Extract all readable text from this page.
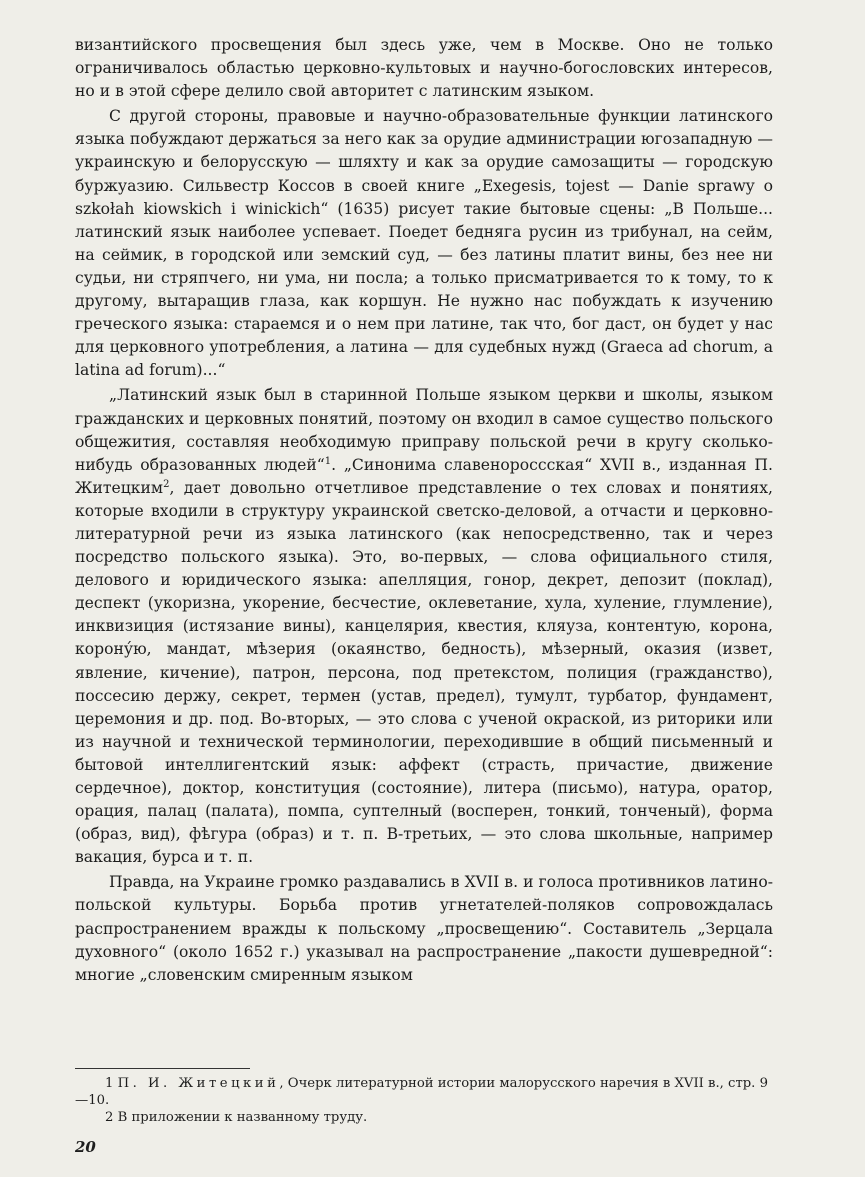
византийского просвещения был здесь уже, чем в Москве. Оно не только ограничивалось областью церковно-культовых и научно-богословских интересов, но и в этой сфере делило свой авторитет с латинским языком.

С другой стороны, правовые и научно-образовательные функции латинского языка побуждают держаться за него как за орудие администрации югозападную — украинскую и белорусскую — шляхту и как за орудие самозащиты — городскую буржуазию. Сильвестр Коссов в своей книге „Exegesis, tojest — Danie sprawy o szkołah kiowskich i winickich“ (1635) рисует такие бытовые сцены: „В Польше... латинский язык наиболее успевает. Поедет бедняга русин из трибунал, на сейм, на сеймик, в городской или земский суд, — без латины платит вины, без нее ни судьи, ни стряпчего, ни ума, ни посла; а только присматривается то к тому, то к другому, вытаращив глаза, как коршун. Не нужно нас побуждать к изучению греческого языка: стараемся и о нем при латине, так что, бог даст, он будет у нас для церковного употребления, а латина — для судебных нужд (Graeca ad chorum, a latina ad forum)...“

„Латинский язык был в старинной Польше языком церкви и школы, языком гражданских и церковных понятий, поэтому он входил в самое существо польского общежития, составляя необходимую приправу польской речи в кругу сколько-нибудь образованных людей“$^1$. „Синонима славенороссская“ XVII в., изданная П. Житецким$^2$, дает довольно отчетливое представление о тех словах и понятиях, которые входили в структуру украинской светско-деловой, а отчасти и церковно-литературной речи из языка латинского (как непосредственно, так и через посредство польского языка). Это, во-первых, — слова официального стиля, делового и юридического языка: апелляция, гонор, декрет, депозит (поклад), деспект (укоризна, укорение, бесчестие, оклеветание, хула, хуление, глумление), инквизиция (истязание вины), канцелярия, квестия, кляуза, контентую, корона, корону́ю, мандат, мѣзерия (окаянство, бедность), мѣзерный, оказия (извет, явление, кичение), патрон, персона, под претекстом, полиция (гражданство), поссесию держу, секрет, термен (устав, предел), тумулт, турбатор, фундамент, церемония и др. под. Во-вторых, — это слова с ученой окраской, из риторики или из научной и технической терминологии, переходившие в общий письменный и бытовой интеллигентский язык: аффект (страсть, причастие, движение сердечное), доктор, конституция (состояние), литера (письмо), натура, оратор, орация, палац (палата), помпа, суптелный (восперен, тонкий, тонченый), форма (образ, вид), фѣгура (образ) и т. п. В-третьих, — это слова школьные, например вакация, бурса и т. п.

Правда, на Украине громко раздавались в XVII в. и голоса противников латино-польской культуры. Борьба против угнетателей-поляков сопровождалась распространением вражды к польскому „просвещению“. Составитель „Зерцала духовного“ (около 1652 г.) указывал на распространение „пакости душевредной“: многие „словенским смиренным языком

1 П. И. Житецкий, Очерк литературной истории малорусского наречия в XVII в., стр. 9—10.

2 В приложении к названному труду.

20
